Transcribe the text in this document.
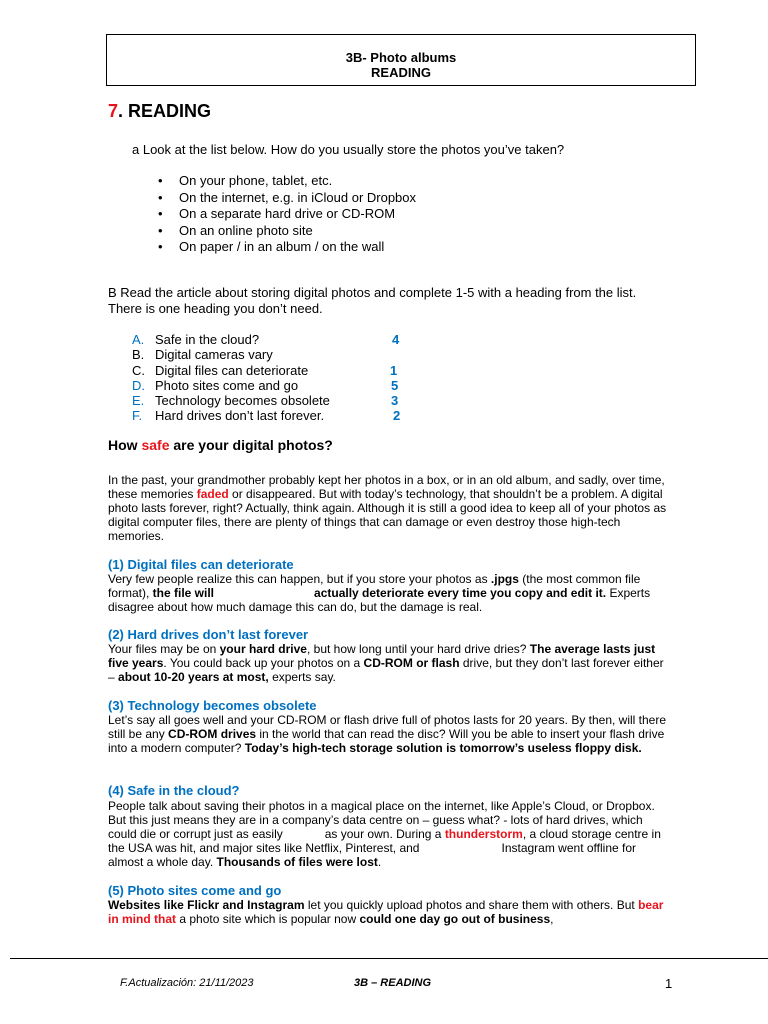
3B- Photo albums
READING
7. READING
a Look at the list below. How do you usually store the photos you’ve taken?
• On your phone, tablet, etc.
• On the internet, e.g. in iCloud or Dropbox
• On a separate hard drive or CD-ROM
• On an online photo site
• On paper / in an album / on the wall
B Read the article about storing digital photos and complete 1-5 with a heading from the list. There is one heading you don’t need.
A. Safe in the cloud?	4
B. Digital cameras vary
C. Digital files can deteriorate	1
D. Photo sites come and go	5
E. Technology becomes obsolete	3
F. Hard drives don’t last forever.	2
How safe are your digital photos?
In the past, your grandmother probably kept her photos in a box, or in an old album, and sadly, over time, these memories faded or disappeared. But with today’s technology, that shouldn’t be a problem. A digital photo lasts forever, right? Actually, think again. Although it is still a good idea to keep all of your photos as digital computer files, there are plenty of things that can damage or even destroy those high-tech memories.
(1) Digital files can deteriorate
Very few people realize this can happen, but if you store your photos as .jpgs (the most common file format), the file will	actually deteriorate every time you copy and edit it. Experts disagree about how much damage this can do, but the damage is real.
(2) Hard drives don’t last forever
Your files may be on your hard drive, but how long until your hard drive dries? The average lasts just five years. You could back up your photos on a CD-ROM or flash drive, but they don’t last forever either – about 10-20 years at most, experts say.
(3) Technology becomes obsolete
Let’s say all goes well and your CD-ROM or flash drive full of photos lasts for 20 years. By then, will there still be any CD-ROM drives in the world that can read the disc? Will you be able to insert your flash drive into a modern computer? Today’s high-tech storage solution is tomorrow’s useless floppy disk.
(4) Safe in the cloud?
People talk about saving their photos in a magical place on the internet, like Apple’s Cloud, or Dropbox. But this just means they are in a company’s data centre on – guess what? - lots of hard drives, which could die or corrupt just as easily	as your own. During a thunderstorm, a cloud storage centre in the USA was hit, and major sites like Netflix, Pinterest, and	Instagram went offline for almost a whole day. Thousands of files were lost.
(5) Photo sites come and go
Websites like Flickr and Instagram let you quickly upload photos and share them with others. But bear in mind that a photo site which is popular now could one day go out of business,
F.Actualización: 21/11/2023	3B – READING	1
